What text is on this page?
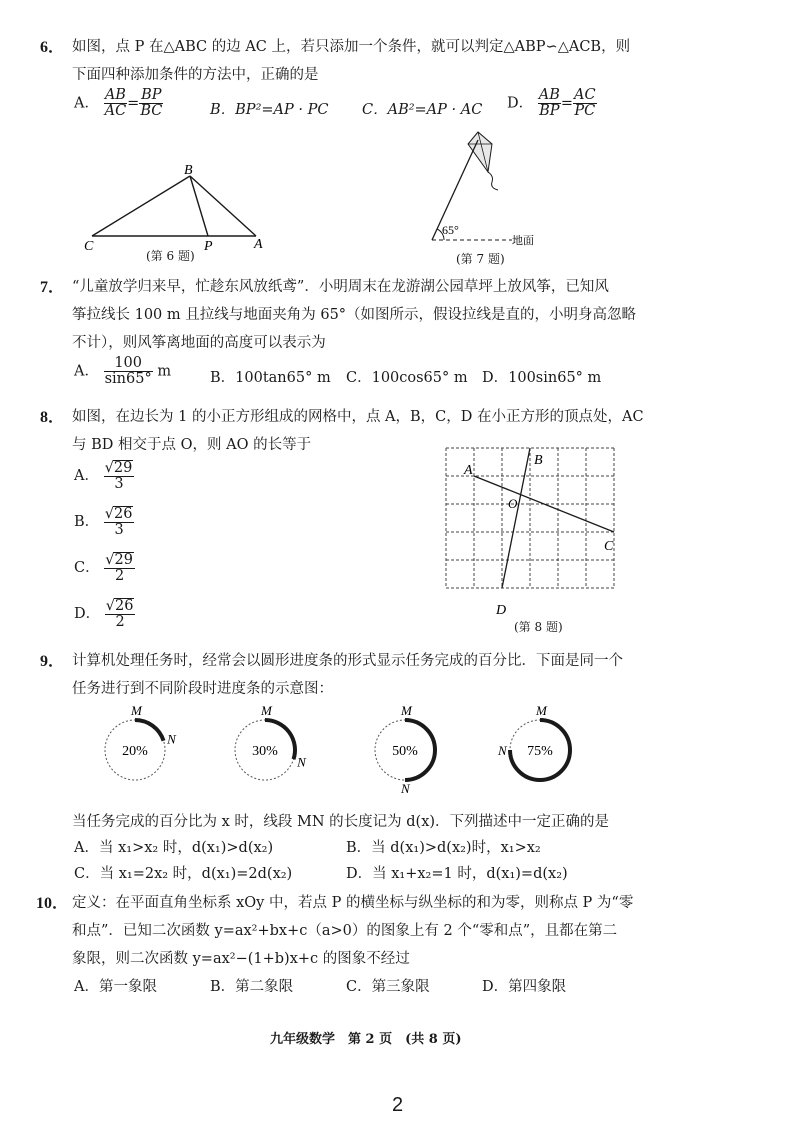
6． 如图，点 P 在△ABC 的边 AC 上，若只添加一个条件，就可以判定△ABP∽△ACB，则
下面四种添加条件的方法中，正确的是
A． $\frac{AB}{AC} = \frac{BP}{BC}$	B．BP²=AP · PC C．AB²=AP · AC D． $\frac{AB}{BP} = \frac{AC}{PC}$
B
C	P	A
(第 6 题)
65°
地面
(第 7 题)
7． “儿童放学归来早，忙趁东风放纸鸢”．小明周末在龙游湖公园草坪上放风筝，已知风
筝拉线长 100 m 且拉线与地面夹角为 65°（如图所示，假设拉线是直的，小明身高忽略
不计），则风筝离地面的高度可以表示为
A． $\frac{100}{\sin 65^\circ}$ m	B．100tan65° m C．100cos65° m D．100sin65° m
8． 如图，在边长为 1 的小正方形组成的网格中，点 A，B，C，D 在小正方形的顶点处，AC
与 BD 相交于点 O，则 AO 的长等于
A． $\frac{√29}{3}$
B． $\frac{√26}{3}$
C． $\frac{√29}{2}$
D． $\frac{√26}{2}$
A
B
C
D
O
(第 8 题)
9． 计算机处理任务时，经常会以圆形进度条的形式显示任务完成的百分比．下面是同一个
任务进行到不同阶段时进度条的示意图：
20%
M
N
30%
M
N
50%
M
N
75%
M
N
当任务完成的百分比为 x 时，线段 MN 的长度记为 d(x)．下列描述中一定正确的是
A．当 x₁>x₂ 时，d(x₁)>d(x₂)	B．当 d(x₁)>d(x₂)时，x₁>x₂
C．当 x₁=2x₂ 时，d(x₁)=2d(x₂)	D．当 x₁+x₂=1 时，d(x₁)=d(x₂)
10． 定义：在平面直角坐标系 xOy 中，若点 P 的横坐标与纵坐标的和为零，则称点 P 为“零
和点”．已知二次函数 y=ax²+bx+c（a>0）的图象上有 2 个“零和点”，且都在第二
象限，则二次函数 y=ax²−(1+b)x+c 的图象不经过
A．第一象限	B．第二象限	C．第三象限	D．第四象限
九年级数学　第 2 页　(共 8 页)
2
